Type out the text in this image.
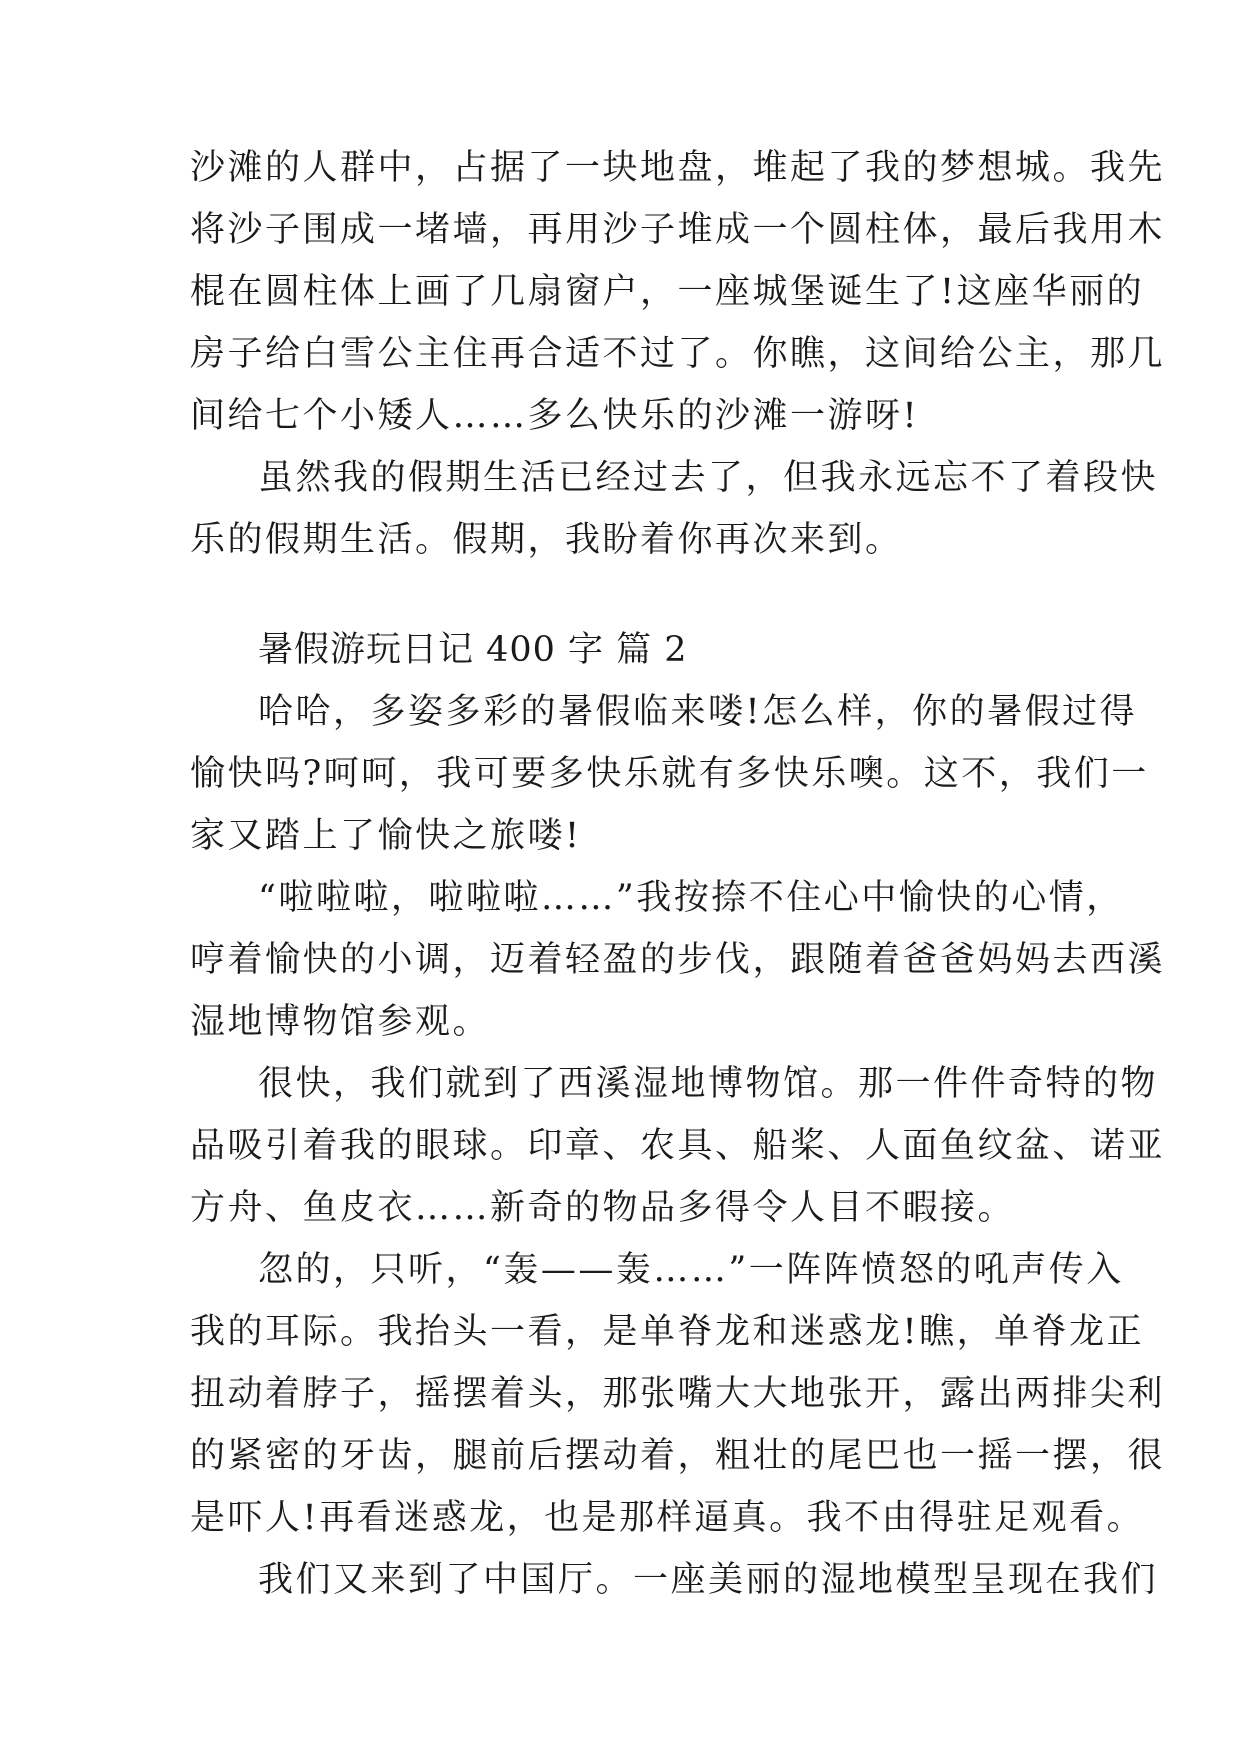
沙滩的人群中，占据了一块地盘，堆起了我的梦想城。我先
将沙子围成一堵墙，再用沙子堆成一个圆柱体，最后我用木
棍在圆柱体上画了几扇窗户，一座城堡诞生了!这座华丽的
房子给白雪公主住再合适不过了。你瞧，这间给公主，那几
间给七个小矮人……多么快乐的沙滩一游呀!
虽然我的假期生活已经过去了，但我永远忘不了着段快
乐的假期生活。假期，我盼着你再次来到。
暑假游玩日记 400 字 篇 2
哈哈，多姿多彩的暑假临来喽!怎么样，你的暑假过得
愉快吗?呵呵，我可要多快乐就有多快乐噢。这不，我们一
家又踏上了愉快之旅喽!
“啦啦啦，啦啦啦……”我按捺不住心中愉快的心情，
哼着愉快的小调，迈着轻盈的步伐，跟随着爸爸妈妈去西溪
湿地博物馆参观。
很快，我们就到了西溪湿地博物馆。那一件件奇特的物
品吸引着我的眼球。印章、农具、船桨、人面鱼纹盆、诺亚
方舟、鱼皮衣……新奇的物品多得令人目不暇接。
忽的，只听，“轰——轰……”一阵阵愤怒的吼声传入
我的耳际。我抬头一看，是单脊龙和迷惑龙!瞧，单脊龙正
扭动着脖子，摇摆着头，那张嘴大大地张开，露出两排尖利
的紧密的牙齿，腿前后摆动着，粗壮的尾巴也一摇一摆，很
是吓人!再看迷惑龙，也是那样逼真。我不由得驻足观看。
我们又来到了中国厅。一座美丽的湿地模型呈现在我们
